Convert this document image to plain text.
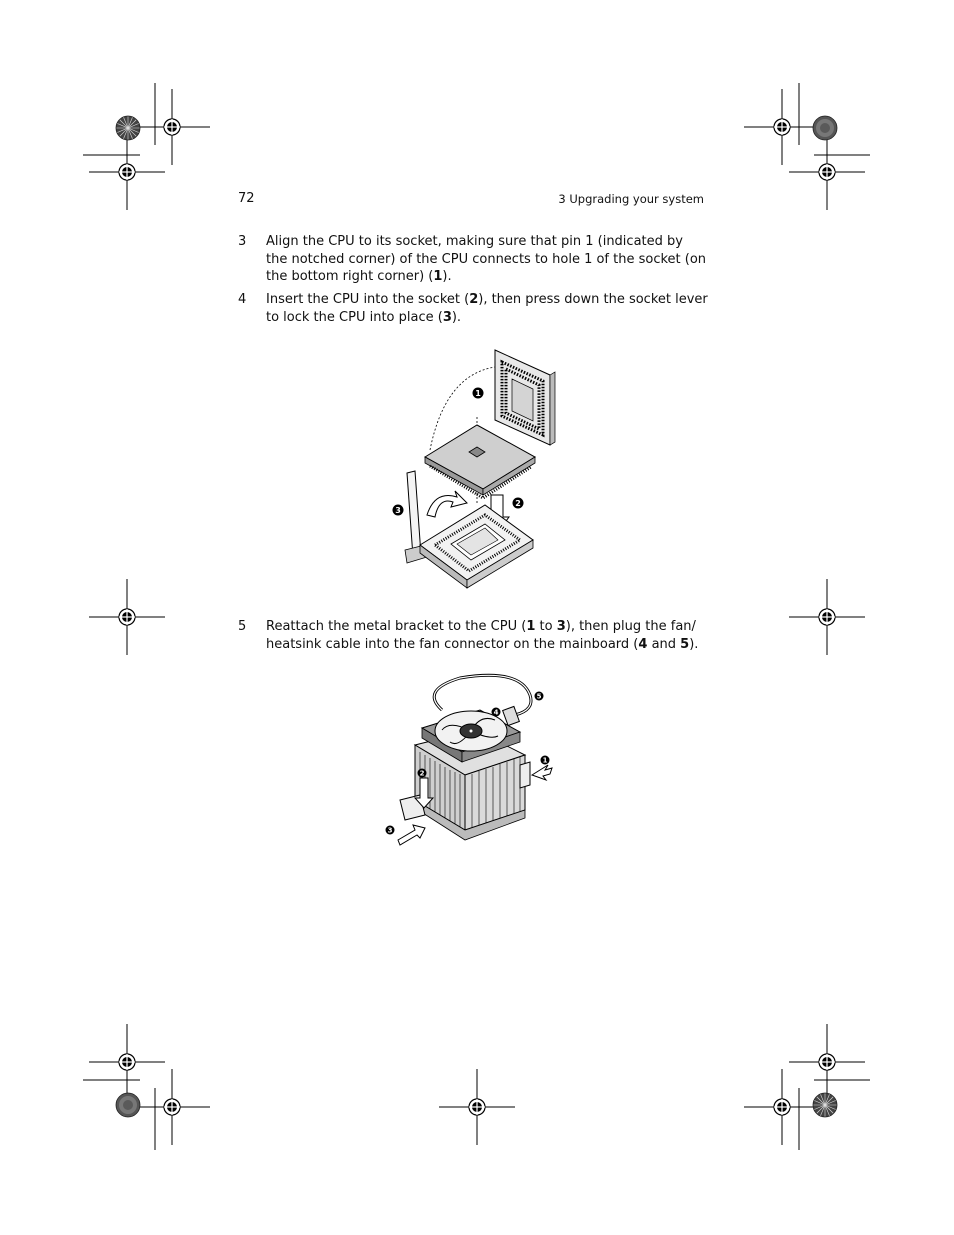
72	3 Upgrading your system
3 Align the CPU to its socket, making sure that pin 1 (indicated by the notched corner) of the CPU connects to hole 1 of the socket (on the bottom right corner) (1).
4 Insert the CPU into the socket (2), then press down the socket lever to lock the CPU into place (3).
1
2
3
5 Reattach the metal bracket to the CPU (1 to 3), then plug the fan/ heatsink cable into the fan connector on the mainboard (4 and 5).
1
2
3
4
5
